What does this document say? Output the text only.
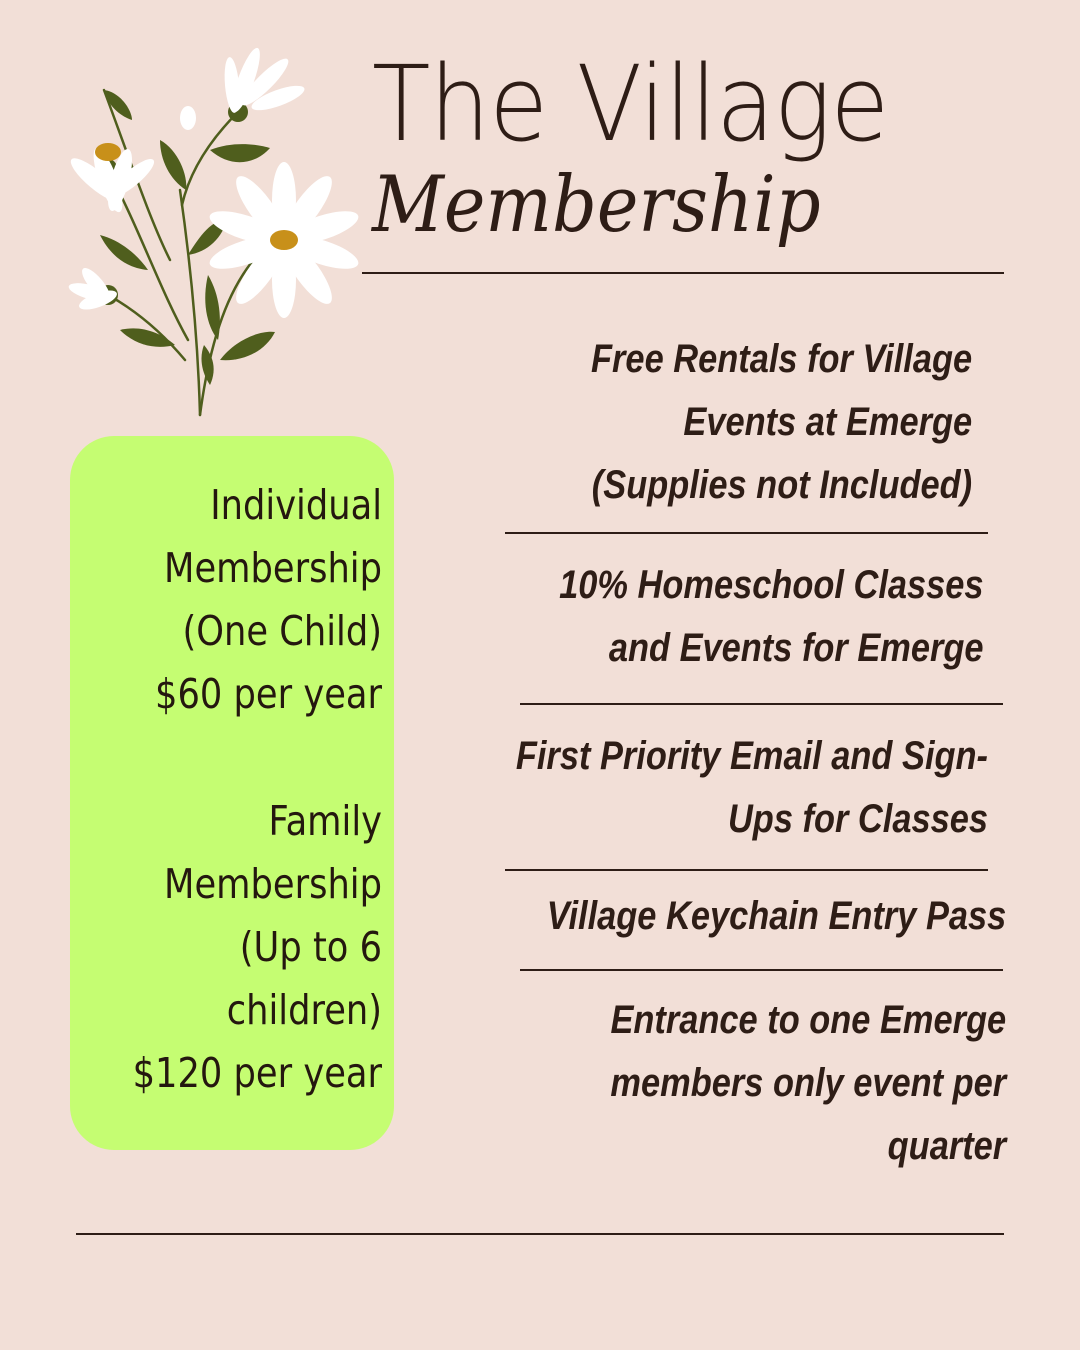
The Village
Membership
Individual
Membership
(One Child)
$60 per year
Family
Membership
(Up to 6
children)
$120 per year
Free Rentals for Village
Events at Emerge
(Supplies not Included)
10% Homeschool Classes
and Events for Emerge
First Priority Email and Sign-
Ups for Classes
Village Keychain Entry Pass
Entrance to one Emerge
members only event per
quarter
